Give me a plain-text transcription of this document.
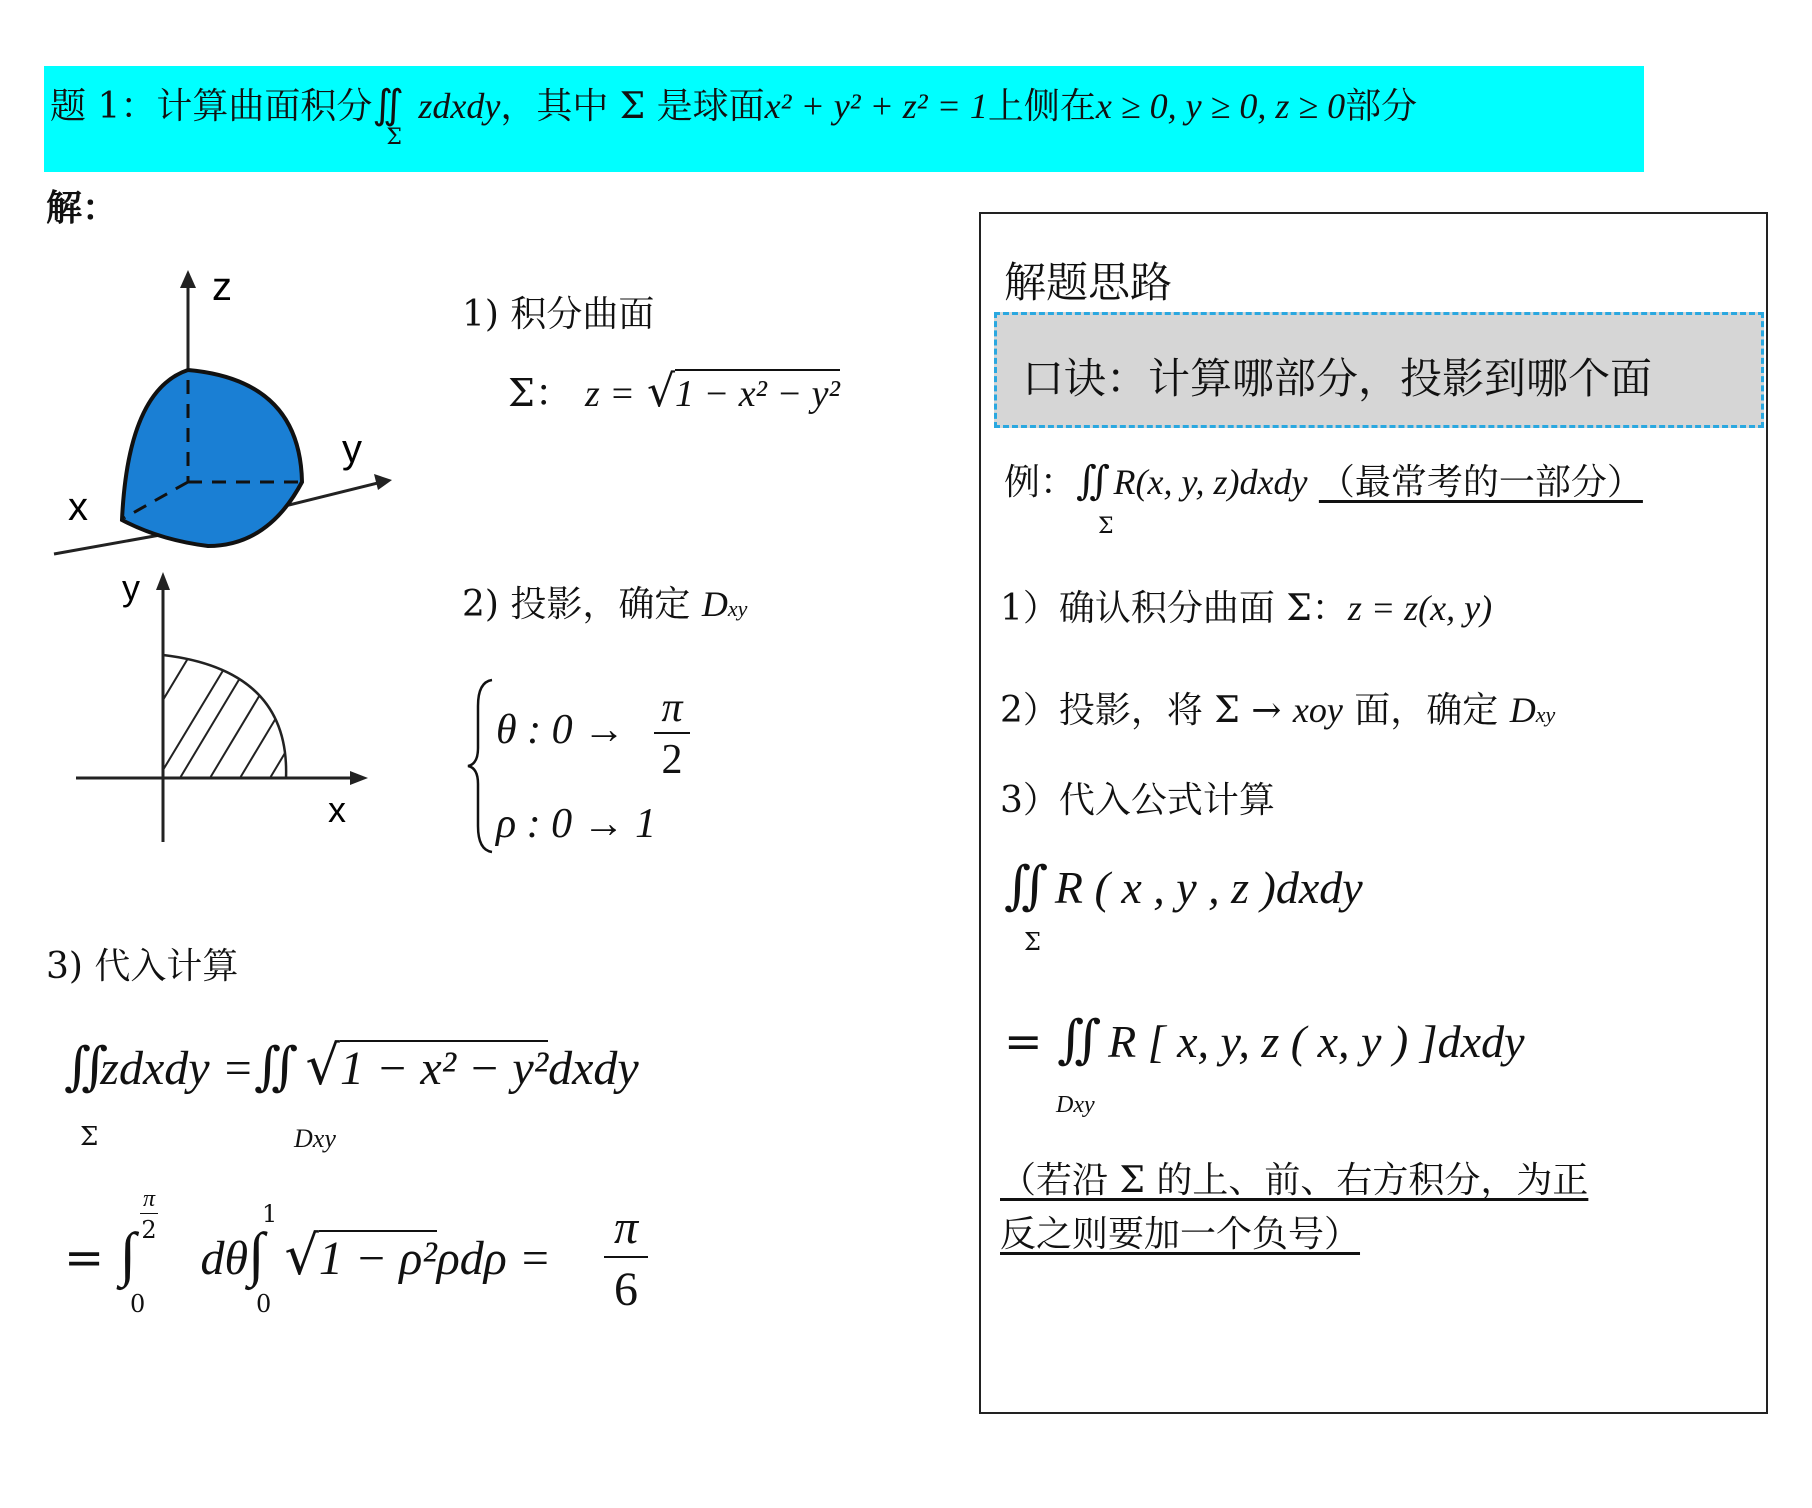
题 1：计算曲面积分∬
Σ
zdxdy，其中 Σ 是球面x² + y² + z² = 1上侧在x ≥ 0, y ≥ 0, z ≥ 0部分
解：
z
y
x
y
x
1) 积分曲面
Σ： z = √1 − x² − y²
2) 投影，确定 Dxy
θ : 0 → π
2
ρ : 0 → 1
3) 代入计算
∬zdxdy =∬ √1 − x² − y²dxdy
Σ	Dxy
= ∫ dθ∫ √1 − ρ²ρdρ =
π
2
0
1
0
π
6
解题思路
口诀：计算哪部分，投影到哪个面
例：∬ R(x, y, z)dxdy （最常考的一部分）
Σ
1）确认积分曲面 Σ：z = z(x, y)
2）投影，将 Σ → xoy 面，确定 Dxy
3）代入公式计算
∬ R ( x , y , z )dxdy
Σ
= ∬ R [ x, y, z ( x, y ) ]dxdy
Dxy
（若沿 Σ 的上、前、右方积分，为正
反之则要加一个负号）
